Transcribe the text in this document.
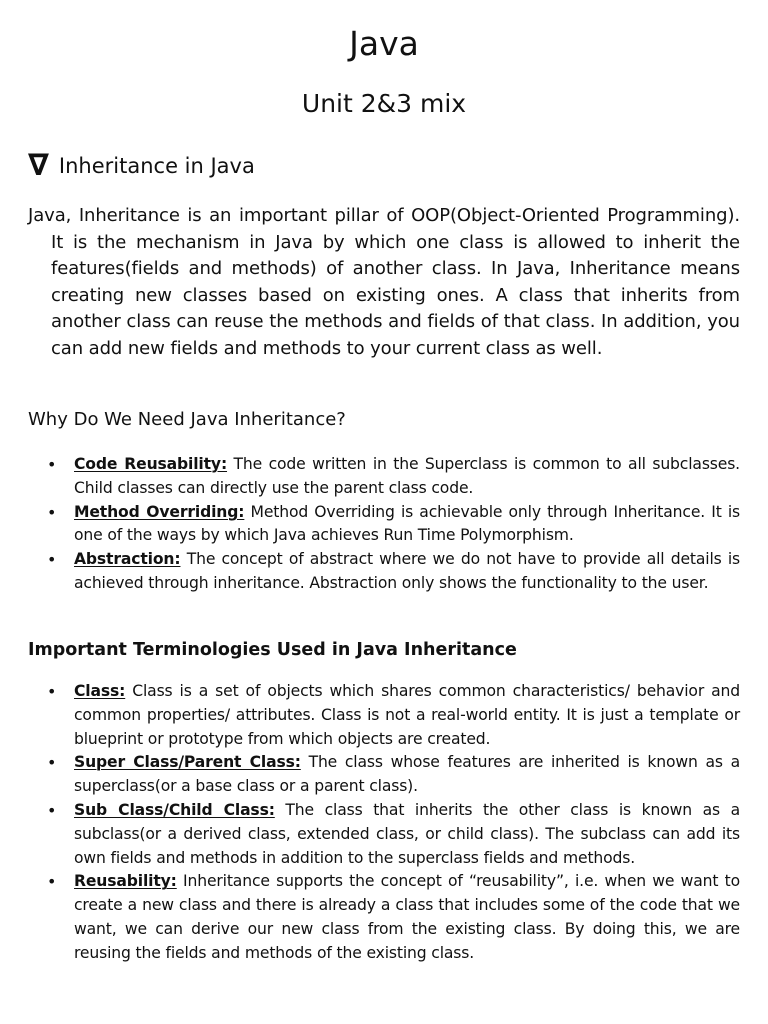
Java
Unit 2&3 mix
∇ Inheritance in Java
Java, Inheritance is an important pillar of OOP(Object-Oriented Programming). It is the mechanism in Java by which one class is allowed to inherit the features(fields and methods) of another class. In Java, Inheritance means creating new classes based on existing ones. A class that inherits from another class can reuse the methods and fields of that class. In addition, you can add new fields and methods to your current class as well.
Why Do We Need Java Inheritance?
• Code Reusability: The code written in the Superclass is common to all subclasses. Child classes can directly use the parent class code.
• Method Overriding: Method Overriding is achievable only through Inheritance. It is one of the ways by which Java achieves Run Time Polymorphism.
• Abstraction: The concept of abstract where we do not have to provide all details is achieved through inheritance. Abstraction only shows the functionality to the user.
Important Terminologies Used in Java Inheritance
• Class: Class is a set of objects which shares common characteristics/ behavior and common properties/ attributes. Class is not a real-world entity. It is just a template or blueprint or prototype from which objects are created.
• Super Class/Parent Class: The class whose features are inherited is known as a superclass(or a base class or a parent class).
• Sub Class/Child Class: The class that inherits the other class is known as a subclass(or a derived class, extended class, or child class). The subclass can add its own fields and methods in addition to the superclass fields and methods.
• Reusability: Inheritance supports the concept of “reusability”, i.e. when we want to create a new class and there is already a class that includes some of the code that we want, we can derive our new class from the existing class. By doing this, we are reusing the fields and methods of the existing class.
